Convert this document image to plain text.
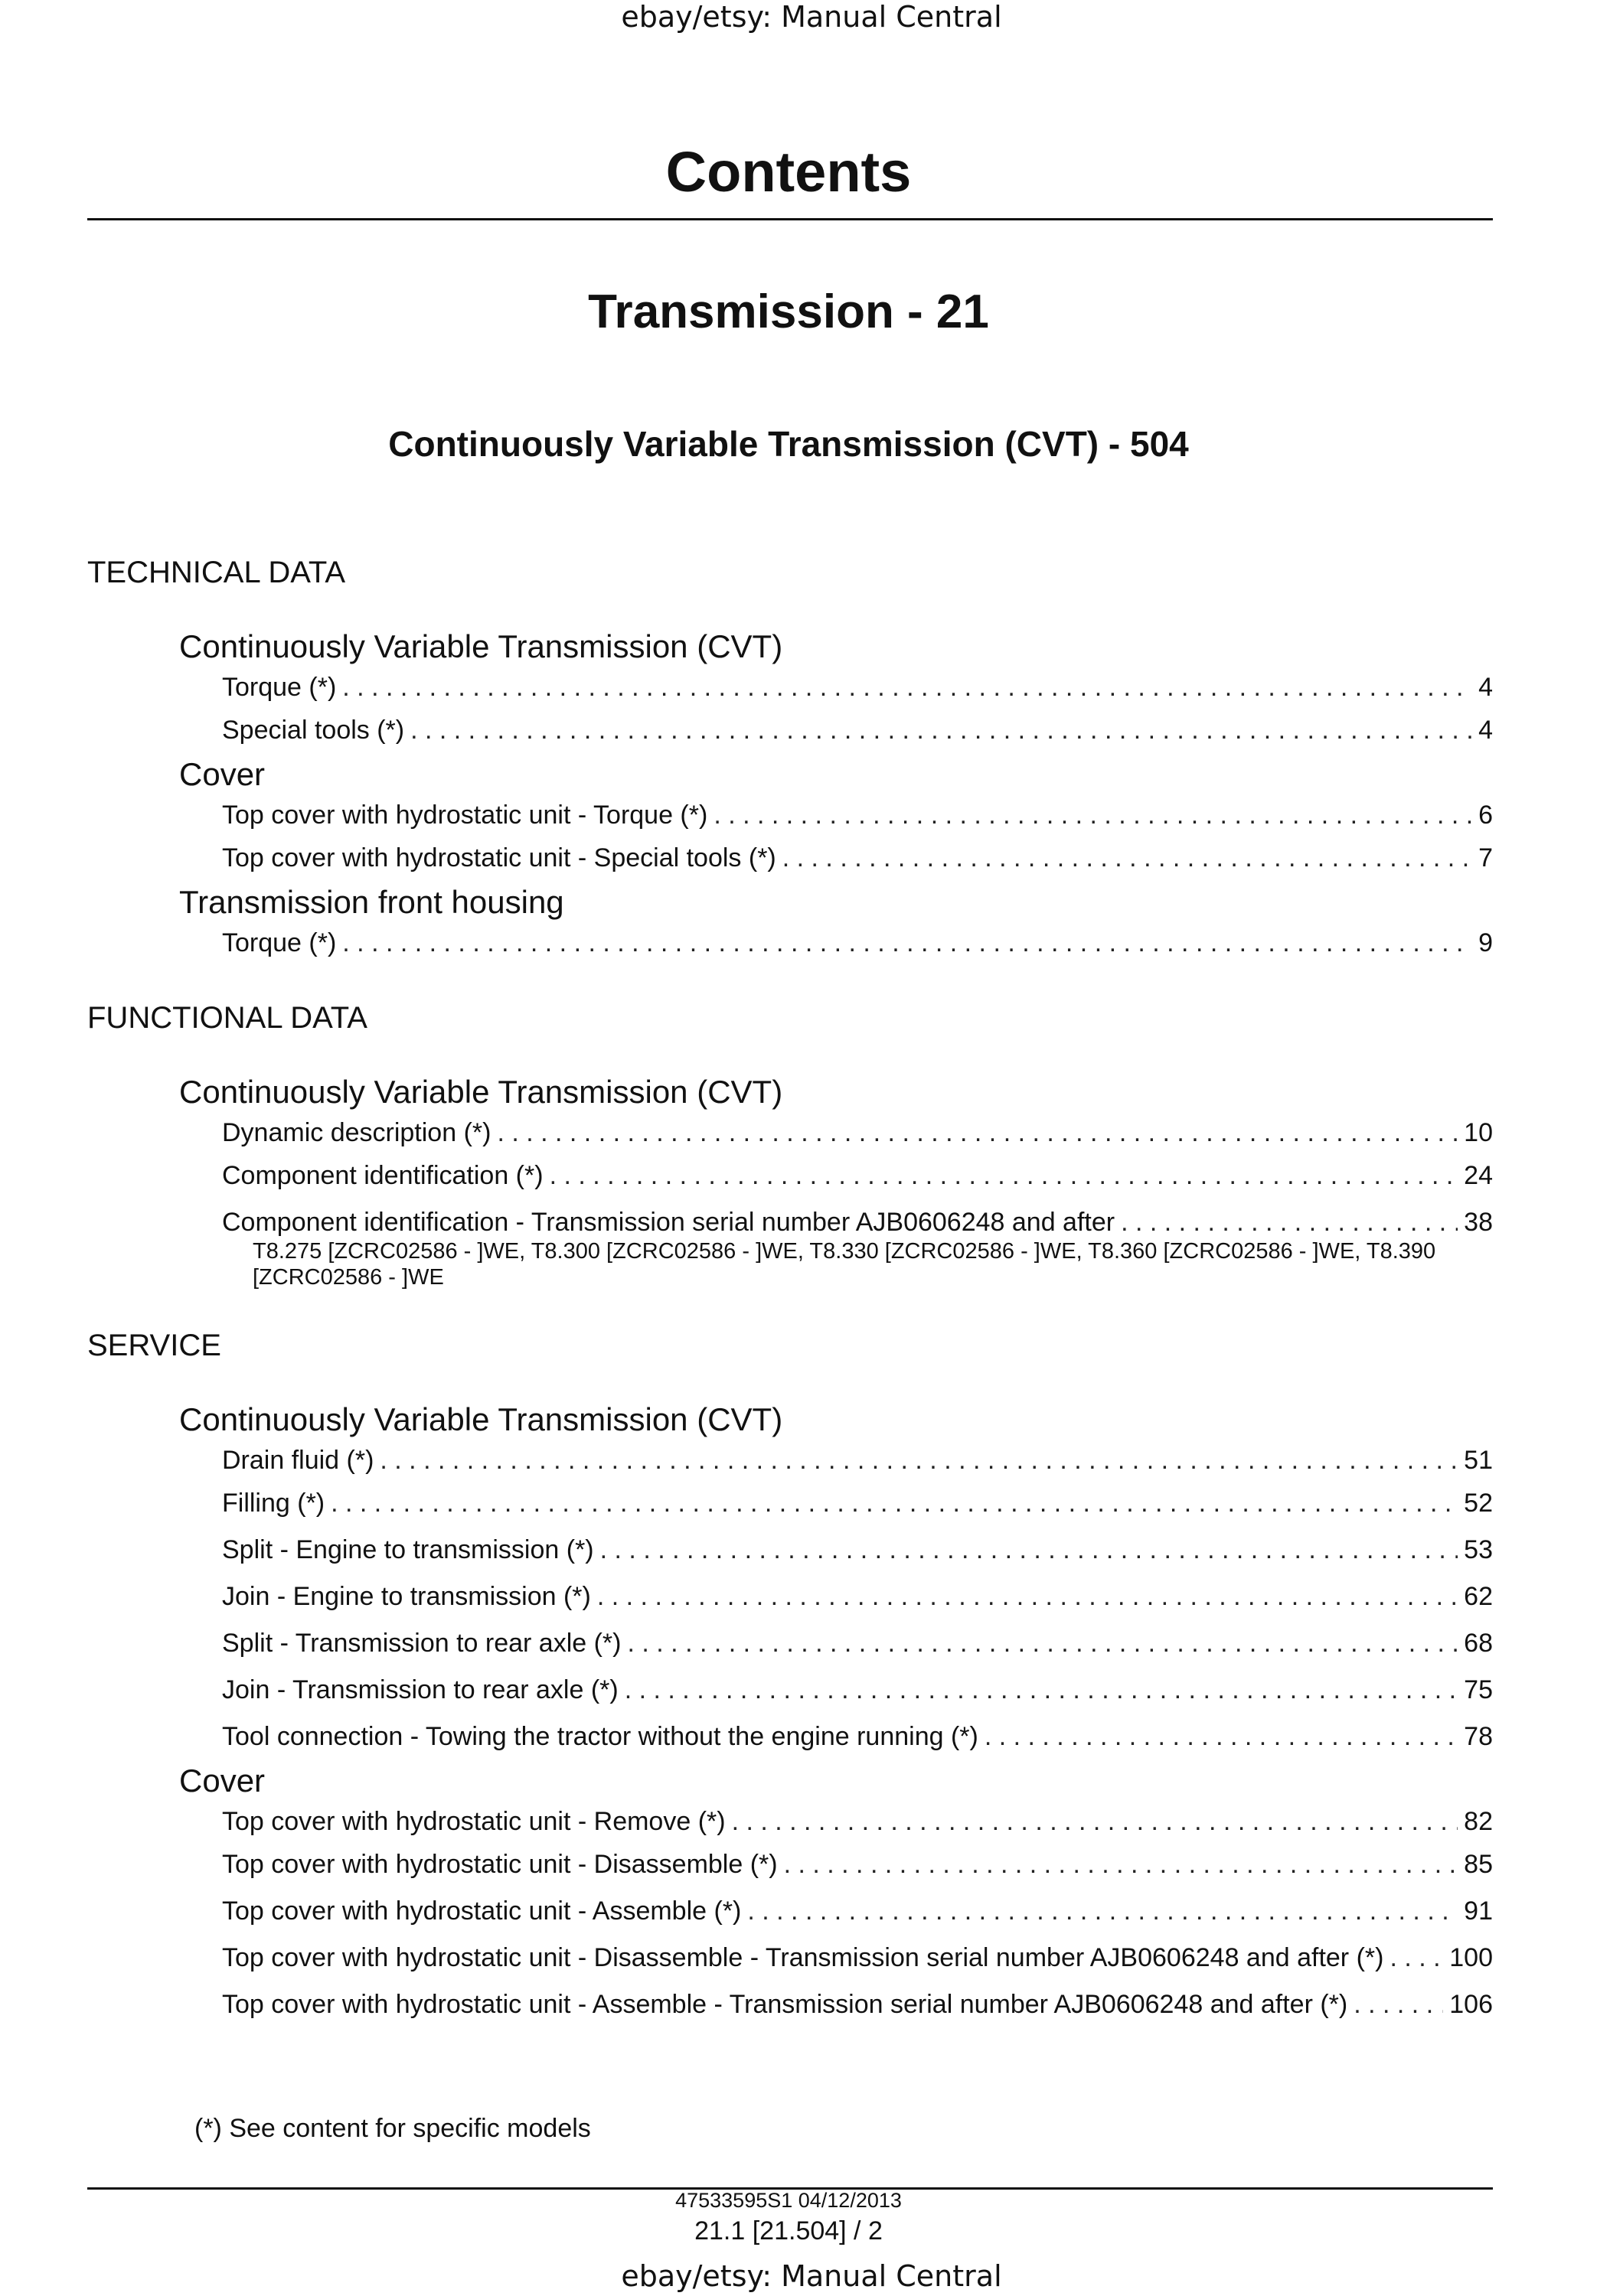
ebay/etsy: Manual Central
Contents
Transmission - 21
Continuously Variable Transmission (CVT) - 504
TECHNICAL DATA
Continuously Variable Transmission (CVT)
Torque (*) . . .	4
Special tools (*) . . .	4
Cover
Top cover with hydrostatic unit - Torque (*) . . .	6
Top cover with hydrostatic unit - Special tools (*) . . .	7
Transmission front housing
Torque (*) . . .	9
FUNCTIONAL DATA
Continuously Variable Transmission (CVT)
Dynamic description (*) . . .	10
Component identification (*) . . .	24
Component identification - Transmission serial number AJB0606248 and after . . .	38
T8.275 [ZCRC02586 - ]WE, T8.300 [ZCRC02586 - ]WE, T8.330 [ZCRC02586 - ]WE, T8.360 [ZCRC02586 - ]WE, T8.390 [ZCRC02586 - ]WE
SERVICE
Continuously Variable Transmission (CVT)
Drain fluid (*) . . .	51
Filling (*) . . .	52
Split - Engine to transmission (*) . . .	53
Join - Engine to transmission (*) . . .	62
Split - Transmission to rear axle (*) . . .	68
Join - Transmission to rear axle (*) . . .	75
Tool connection - Towing the tractor without the engine running (*) . . .	78
Cover
Top cover with hydrostatic unit - Remove (*) . . .	82
Top cover with hydrostatic unit - Disassemble (*) . . .	85
Top cover with hydrostatic unit - Assemble (*) . . .	91
Top cover with hydrostatic unit - Disassemble - Transmission serial number AJB0606248 and after (*) . . .	100
Top cover with hydrostatic unit - Assemble - Transmission serial number AJB0606248 and after (*) . . .	106
(*) See content for specific models
47533595S1 04/12/2013
21.1 [21.504] / 2
ebay/etsy: Manual Central
